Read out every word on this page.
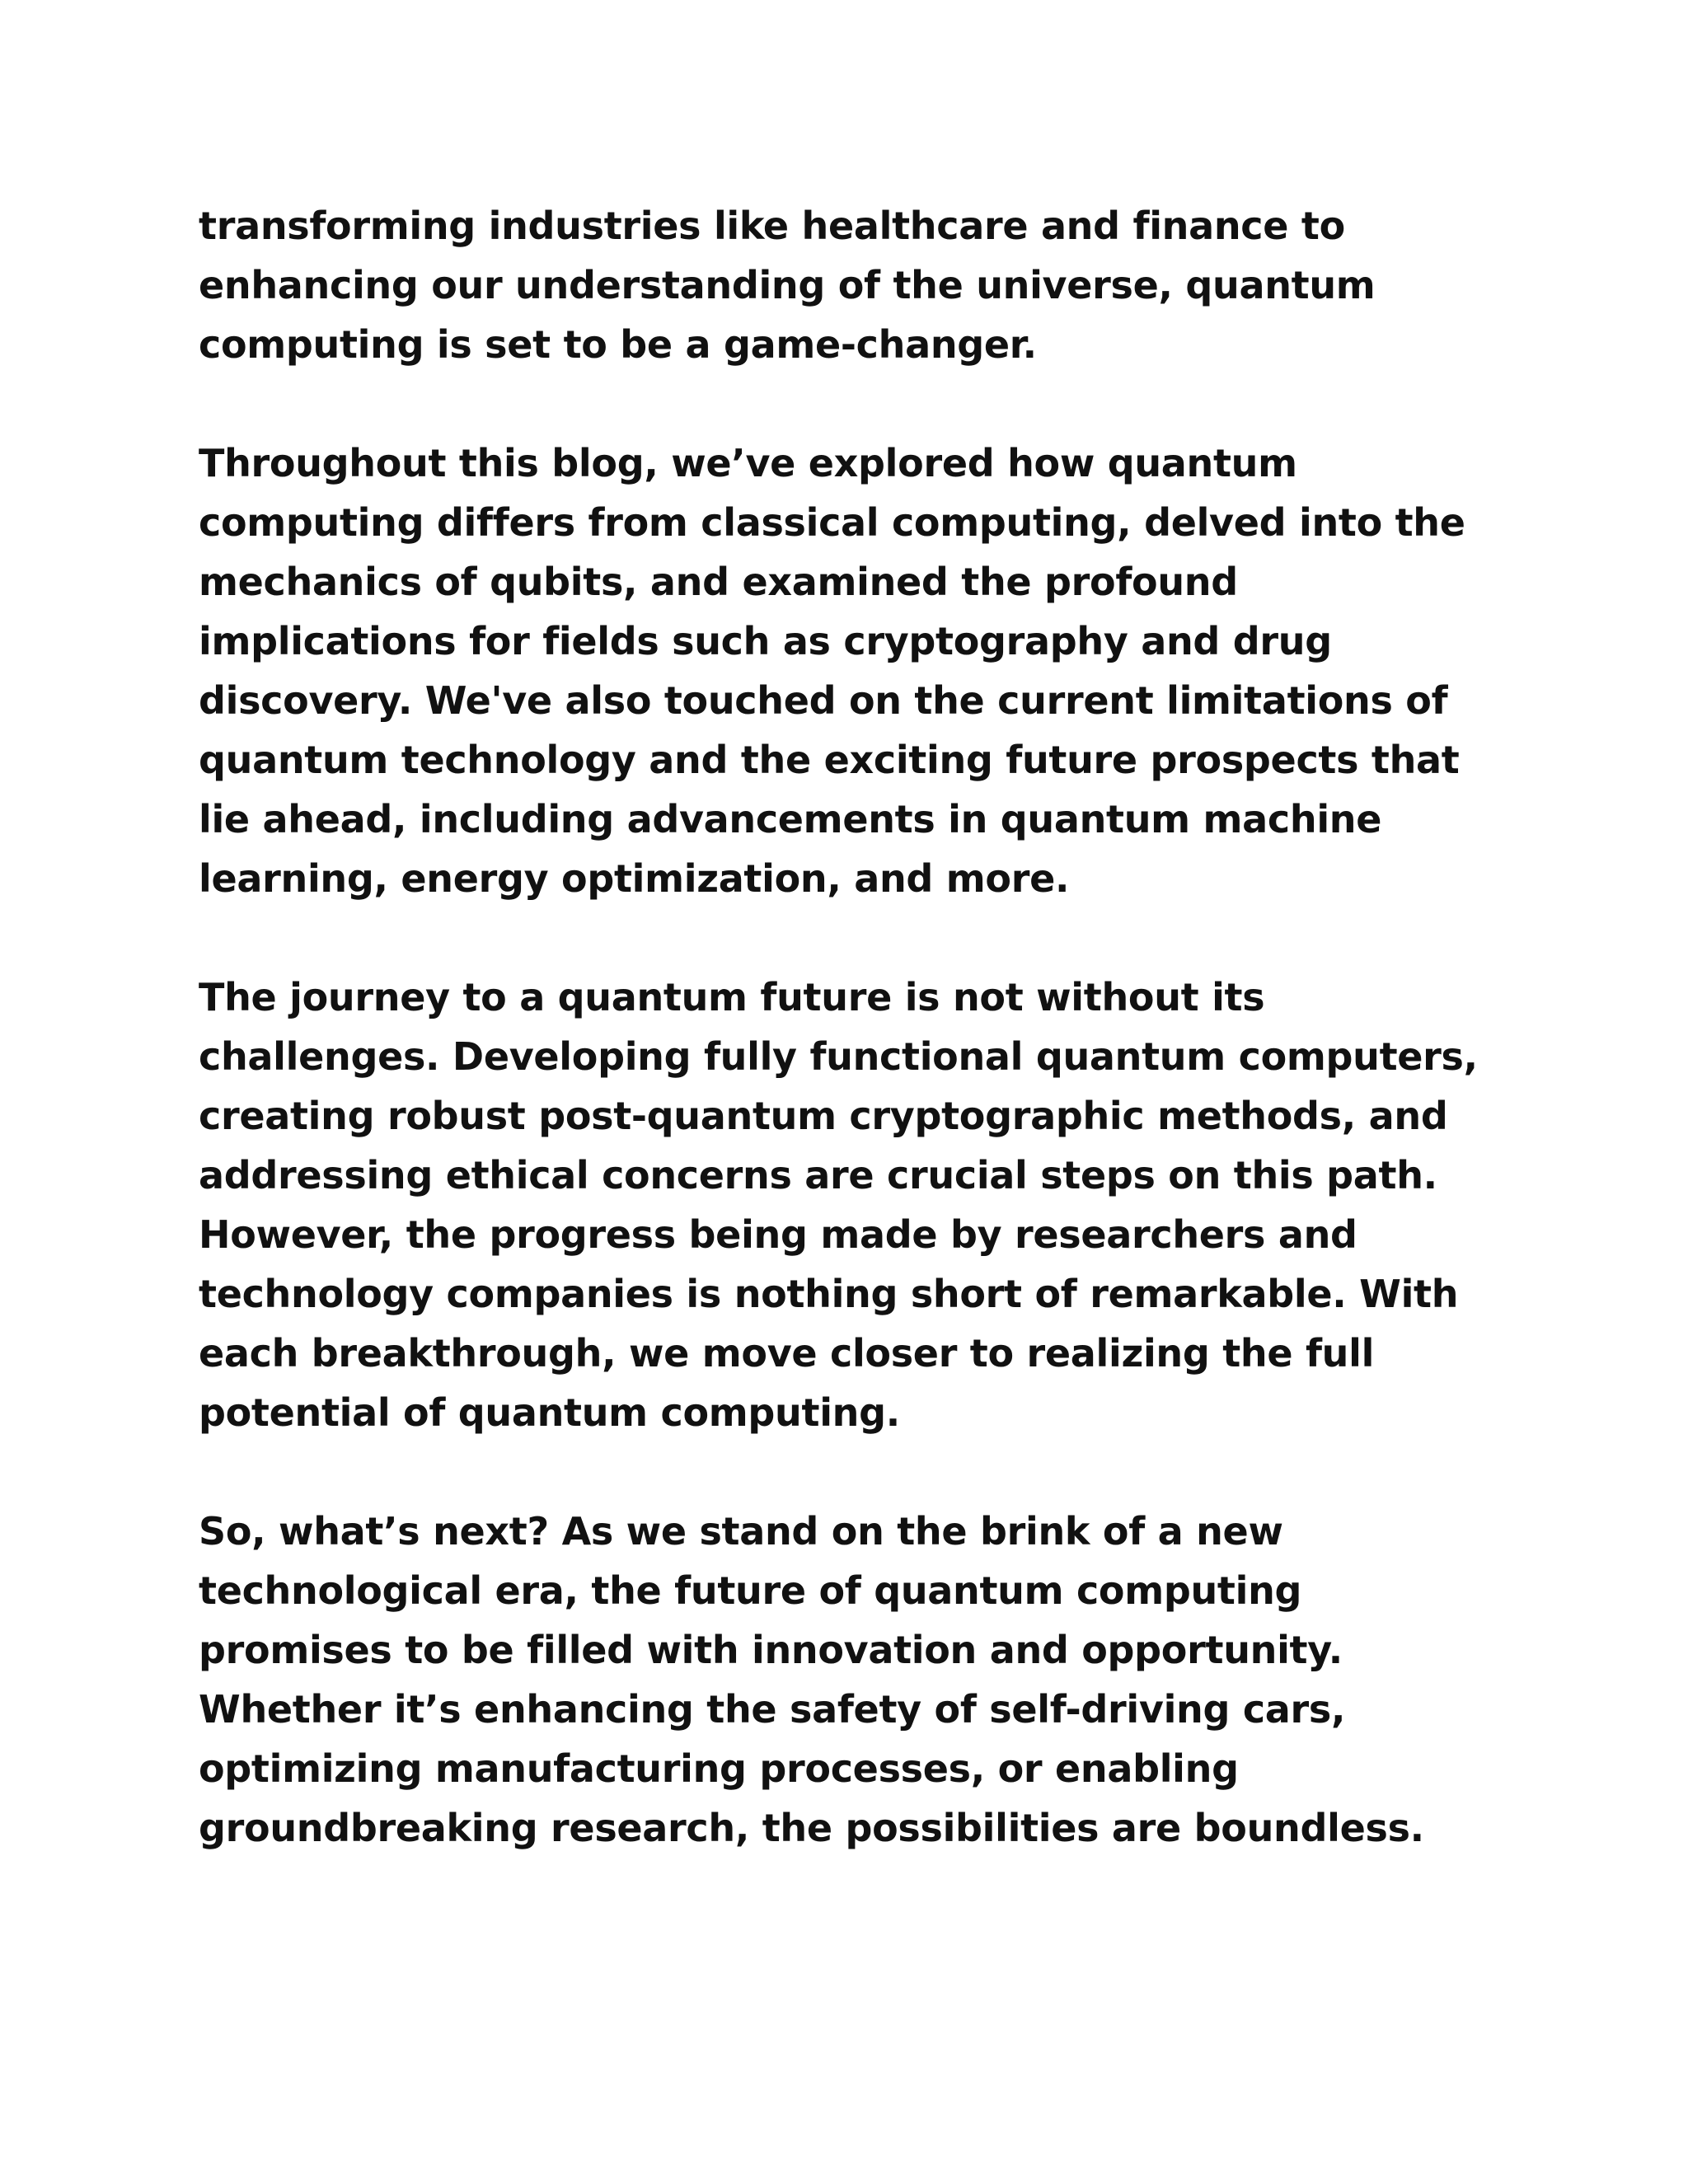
transforming industries like healthcare and finance to
enhancing our understanding of the universe, quantum
computing is set to be a game-changer.

Throughout this blog, we’ve explored how quantum
computing differs from classical computing, delved into the
mechanics of qubits, and examined the profound
implications for fields such as cryptography and drug
discovery. We've also touched on the current limitations of
quantum technology and the exciting future prospects that
lie ahead, including advancements in quantum machine
learning, energy optimization, and more.

The journey to a quantum future is not without its
challenges. Developing fully functional quantum computers,
creating robust post-quantum cryptographic methods, and
addressing ethical concerns are crucial steps on this path.
However, the progress being made by researchers and
technology companies is nothing short of remarkable. With
each breakthrough, we move closer to realizing the full
potential of quantum computing.

So, what’s next? As we stand on the brink of a new
technological era, the future of quantum computing
promises to be filled with innovation and opportunity.
Whether it’s enhancing the safety of self-driving cars,
optimizing manufacturing processes, or enabling
groundbreaking research, the possibilities are boundless.
